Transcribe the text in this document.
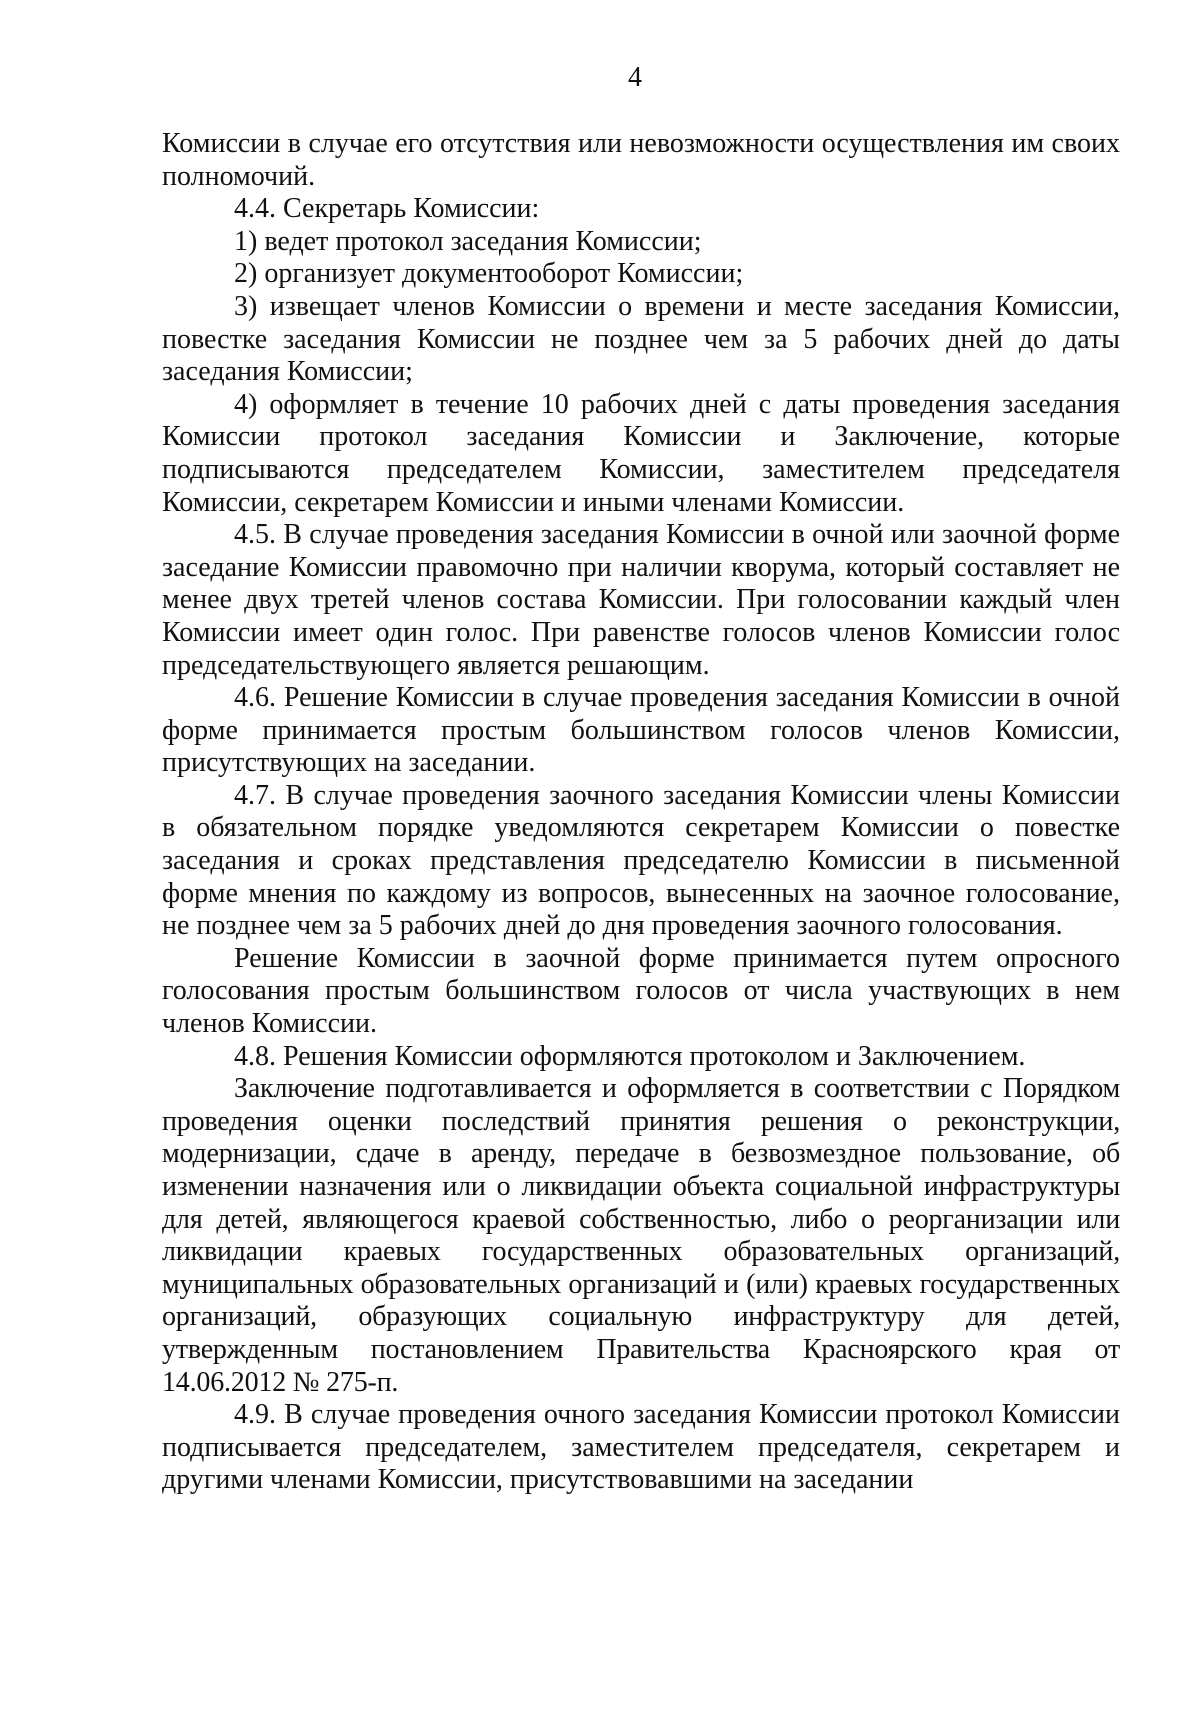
4

Комиссии в случае его отсутствия или невозможности осуществления им своих полномочий.

4.4. Секретарь Комиссии:

1) ведет протокол заседания Комиссии;

2) организует документооборот Комиссии;

3) извещает членов Комиссии о времени и месте заседания Комиссии, повестке заседания Комиссии не позднее чем за 5 рабочих дней до даты заседания Комиссии;

4) оформляет в течение 10 рабочих дней с даты проведения заседания Комиссии протокол заседания Комиссии и Заключение, которые подписываются председателем Комиссии, заместителем председателя Комиссии, секретарем Комиссии и иными членами Комиссии.

4.5. В случае проведения заседания Комиссии в очной или заочной форме заседание Комиссии правомочно при наличии кворума, который составляет не менее двух третей членов состава Комиссии. При голосовании каждый член Комиссии имеет один голос. При равенстве голосов членов Комиссии голос председательствующего является решающим.

4.6. Решение Комиссии в случае проведения заседания Комиссии в очной форме принимается простым большинством голосов членов Комиссии, присутствующих на заседании.

4.7. В случае проведения заочного заседания Комиссии члены Комиссии в обязательном порядке уведомляются секретарем Комиссии о повестке заседания и сроках представления председателю Комиссии в письменной форме мнения по каждому из вопросов, вынесенных на заочное голосование, не позднее чем за 5 рабочих дней до дня проведения заочного голосования.

Решение Комиссии в заочной форме принимается путем опросного голосования простым большинством голосов от числа участвующих в нем членов Комиссии.

4.8. Решения Комиссии оформляются протоколом и Заключением.

Заключение подготавливается и оформляется в соответствии с Порядком проведения оценки последствий принятия решения о реконструкции, модернизации, сдаче в аренду, передаче в безвозмездное пользование, об изменении назначения или о ликвидации объекта социальной инфраструктуры для детей, являющегося краевой собственностью, либо о реорганизации или ликвидации краевых государственных образовательных организаций, муниципальных образовательных организаций и (или) краевых государственных организаций, образующих социальную инфраструктуру для детей, утвержденным постановлением Правительства Красноярского края от 14.06.2012 № 275-п.

4.9. В случае проведения очного заседания Комиссии протокол Комиссии подписывается председателем, заместителем председателя, секретарем и другими членами Комиссии, присутствовавшими на заседании
